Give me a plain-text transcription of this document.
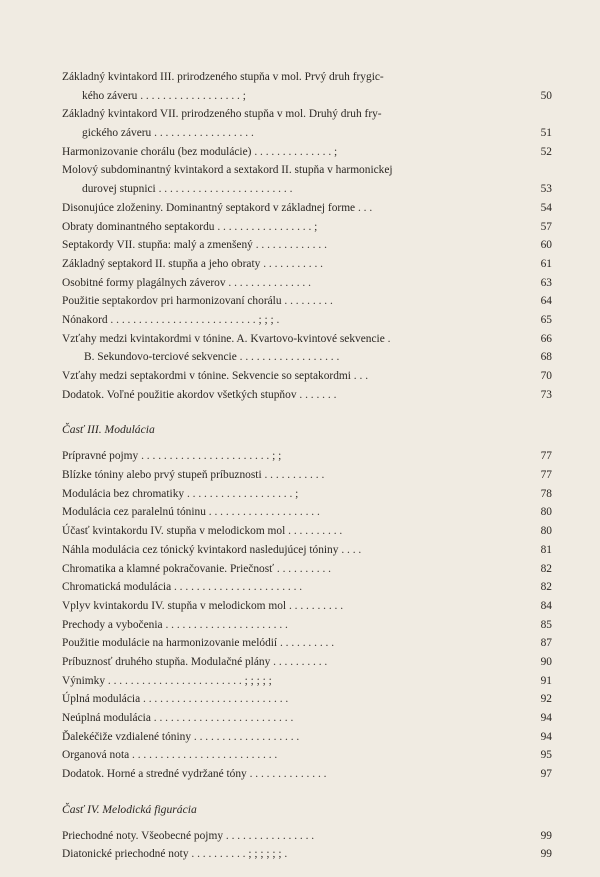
Základný kvintakord III. prirodzeného stupňa v mol. Prvý druh frygic-
kého záveru . . . . . . . . . . . . . . . . . . ;	50
Základný kvintakord VII. prirodzeného stupňa v mol. Druhý druh fry-
gického záveru . . . . . . . . . . . . . . . . . .	51
Harmonizovanie chorálu (bez modulácie) . . . . . . . . . . . . . . ;	52
Molový subdominantný kvintakord a sextakord II. stupňa v harmonickej
durovej stupnici . . . . . . . . . . . . . . . . . . . . . . . .	53
Disonujúce zloženiny. Dominantný septakord v základnej forme . . .	54
Obraty dominantného septakordu . . . . . . . . . . . . . . . . . ;	57
Septakordy VII. stupňa: malý a zmenšený . . . . . . . . . . . . .	60
Základný septakord II. stupňa a jeho obraty . . . . . . . . . . .	61
Osobitné formy plagálnych záverov . . . . . . . . . . . . . . .	63
Použitie septakordov pri harmonizovaní chorálu . . . . . . . . .	64
Nónakord . . . . . . . . . . . . . . . . . . . . . . . . . . ; ; ; .	65
Vzťahy medzi kvintakordmi v tónine. A. Kvartovo-kvintové sekvencie .	66
B. Sekundovo-terciové sekvencie . . . . . . . . . . . . . . . . . .	68
Vzťahy medzi septakordmi v tónine. Sekvencie so septakordmi . . .	70
Dodatok. Voľné použitie akordov všetkých stupňov . . . . . . .	73
Časť III. Modulácia
Prípravné pojmy . . . . . . . . . . . . . . . . . . . . . . . ; ;	77
Blízke tóniny alebo prvý stupeň príbuznosti . . . . . . . . . . .	77
Modulácia bez chromatiky . . . . . . . . . . . . . . . . . . . ;	78
Modulácia cez paralelnú tóninu . . . . . . . . . . . . . . . . . . . .	80
Účasť kvintakordu IV. stupňa v melodickom mol . . . . . . . . . .	80
Náhla modulácia cez tónický kvintakord nasledujúcej tóniny . . . .	81
Chromatika a klamné pokračovanie. Priečnosť . . . . . . . . . .	82
Chromatická modulácia . . . . . . . . . . . . . . . . . . . . . . .	82
Vplyv kvintakordu IV. stupňa v melodickom mol . . . . . . . . . .	84
Prechody a vybočenia . . . . . . . . . . . . . . . . . . . . . .	85
Použitie modulácie na harmonizovanie melódií . . . . . . . . . .	87
Príbuznosť druhého stupňa. Modulačné plány . . . . . . . . . .	90
Výnimky . . . . . . . . . . . . . . . . . . . . . . . . ; ; ; ; ;	91
Úplná modulácia . . . . . . . . . . . . . . . . . . . . . . . . . .	92
Neúplná modulácia . . . . . . . . . . . . . . . . . . . . . . . . .	94
Ďalekéčiže vzdialené tóniny . . . . . . . . . . . . . . . . . . .	94
Organová nota . . . . . . . . . . . . . . . . . . . . . . . . . .	95
Dodatok. Horné a stredné vydržané tóny . . . . . . . . . . . . . .	97
Časť IV. Melodická figurácia
Priechodné noty. Všeobecné pojmy . . . . . . . . . . . . . . . .	99
Diatonické priechodné noty . . . . . . . . . . ; ; ; ; ; ; .	99
